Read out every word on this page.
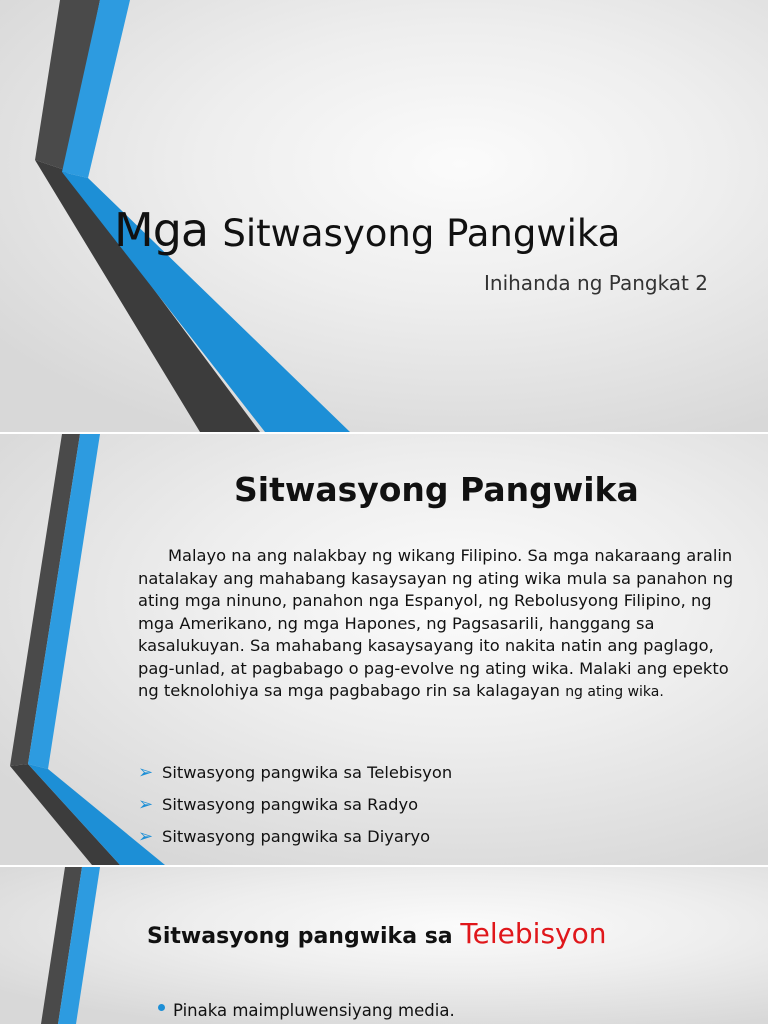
Mga Sitwasyong Pangwika
Inihanda ng Pangkat 2
Sitwasyong Pangwika

Malayo na ang nalakbay ng wikang Filipino. Sa mga nakaraang aralin natalakay ang mahabang kasaysayan ng ating wika mula sa panahon ng ating mga ninuno, panahon nga Espanyol, ng Rebolusyong Filipino, ng mga Amerikano, ng mga Hapones, ng Pagsasarili, hanggang sa kasalukuyan. Sa mahabang kasaysayang ito nakita natin ang paglago, pag-unlad, at pagbabago o pag-evolve ng ating wika. Malaki ang epekto ng teknolohiya sa mga pagbabago rin sa kalagayan ng ating wika.

➢ Sitwasyong pangwika sa Telebisyon
➢ Sitwasyong pangwika sa Radyo
➢ Sitwasyong pangwika sa Diyaryo
Sitwasyong pangwika sa Telebisyon
Pinaka maimpluwensiyang media.
